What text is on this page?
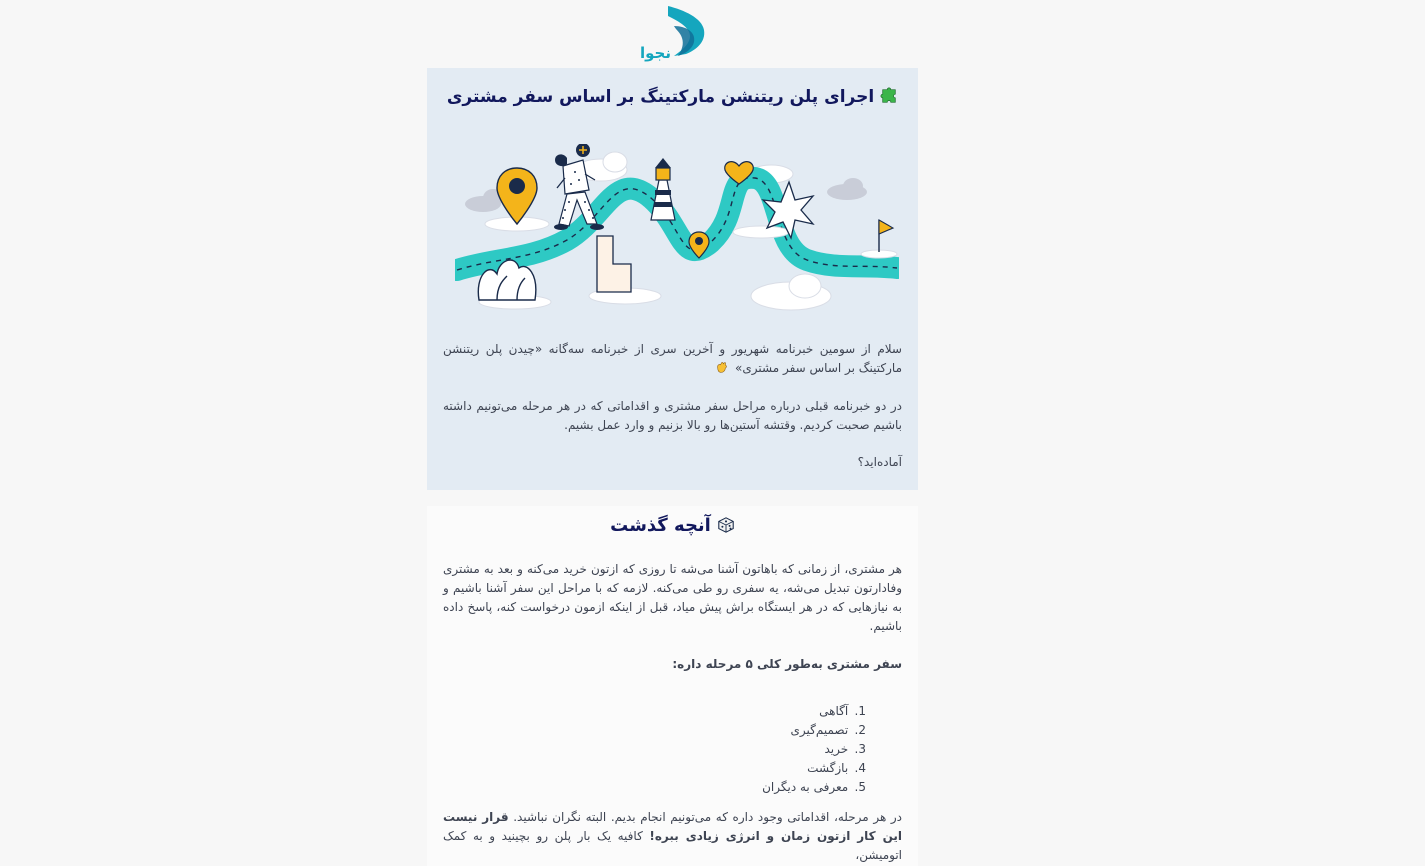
نجوا
اجرای پلن ریتنشن مارکتینگ بر اساس سفر مشتری
سلام از سومین خبرنامه شهریور و آخرین سری از خبرنامه سه‌گانه «چیدن پلن ریتنشن مارکتینگ بر اساس سفر مشتری»
در دو خبرنامه قبلی درباره مراحل سفر مشتری و اقداماتی که در هر مرحله می‌تونیم داشته باشیم صحبت کردیم. وقتشه آستین‌ها رو بالا بزنیم و وارد عمل بشیم.
آماده‌اید؟
آنچه گذشت
هر مشتری، از زمانی که باهاتون آشنا می‌شه تا روزی که ازتون خرید می‌کنه و بعد به مشتری وفادارتون تبدیل می‌شه، یه سفری رو طی می‌کنه. لازمه که با مراحل این سفر آشنا باشیم و به نیازهایی که در هر ایستگاه براش پیش میاد، قبل از اینکه ازمون درخواست کنه، پاسخ داده باشیم.
سفر مشتری به‌طور کلی ۵ مرحله داره:
1. آگاهی
2. تصمیم‌گیری
3. خرید
4. بازگشت
5. معرفی به دیگران
در هر مرحله، اقداماتی وجود داره که می‌تونیم انجام بدیم. البته نگران نباشید. قرار نیست این کار ازتون زمان و انرژی زیادی ببره! کافیه یک بار پلن رو بچینید و به کمک اتومیشن،
